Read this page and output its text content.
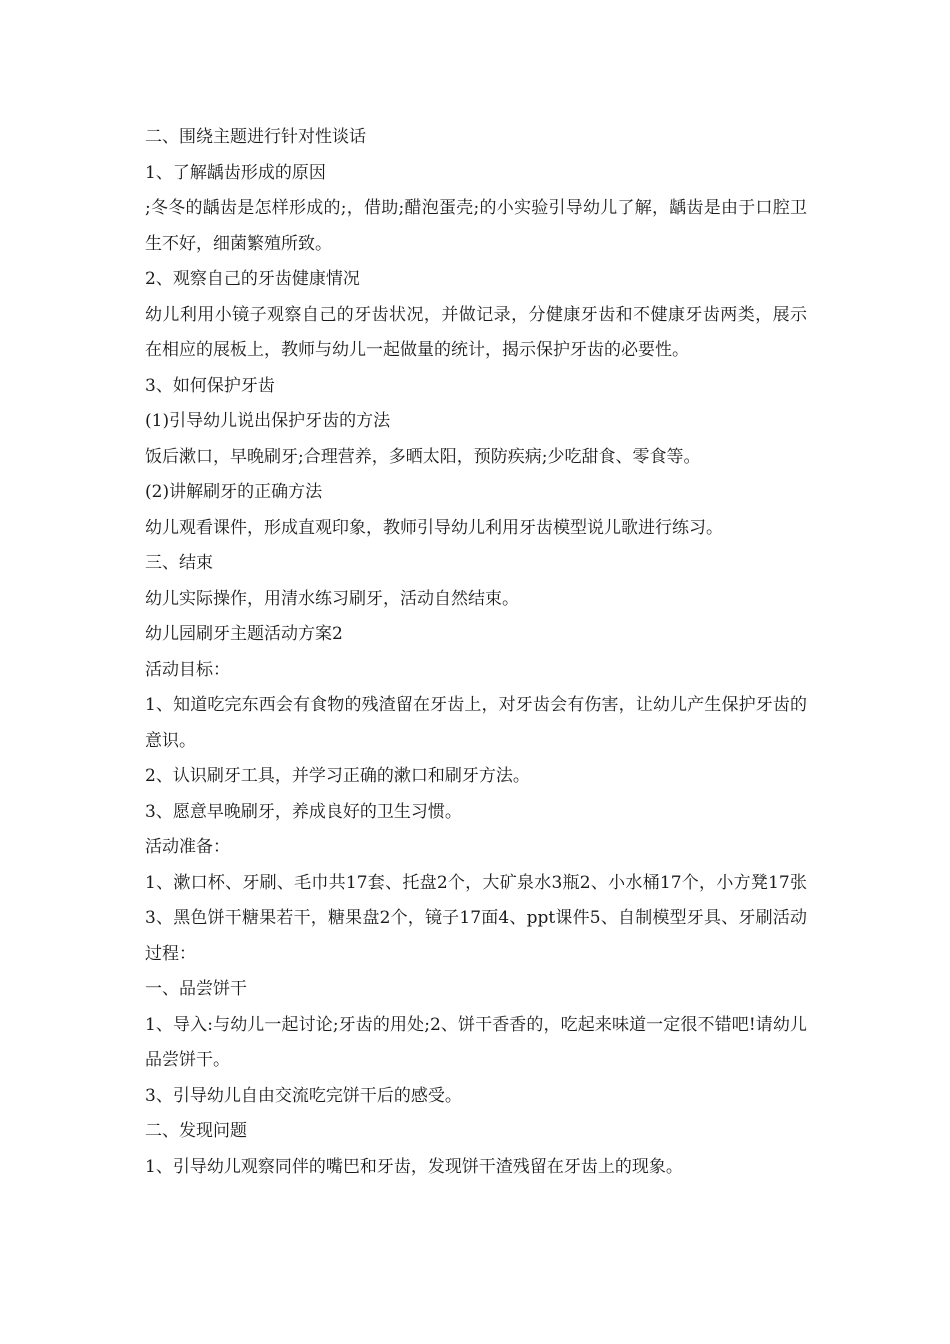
二、围绕主题进行针对性谈话

1、了解龋齿形成的原因

;冬冬的龋齿是怎样形成的;，借助;醋泡蛋壳;的小实验引导幼儿了解，龋齿是由于口腔卫生不好，细菌繁殖所致。

2、观察自己的牙齿健康情况

幼儿利用小镜子观察自己的牙齿状况，并做记录，分健康牙齿和不健康牙齿两类，展示在相应的展板上，教师与幼儿一起做量的统计，揭示保护牙齿的必要性。

3、如何保护牙齿

(1)引导幼儿说出保护牙齿的方法

饭后漱口，早晚刷牙;合理营养，多晒太阳，预防疾病;少吃甜食、零食等。

(2)讲解刷牙的正确方法

幼儿观看课件，形成直观印象，教师引导幼儿利用牙齿模型说儿歌进行练习。

三、结束

幼儿实际操作，用清水练习刷牙，活动自然结束。

幼儿园刷牙主题活动方案2

活动目标：

1、知道吃完东西会有食物的残渣留在牙齿上，对牙齿会有伤害，让幼儿产生保护牙齿的意识。

2、认识刷牙工具，并学习正确的漱口和刷牙方法。

3、愿意早晚刷牙，养成良好的卫生习惯。

活动准备：

1、漱口杯、牙刷、毛巾共17套、托盘2个，大矿泉水3瓶2、小水桶17个，小方凳17张3、黑色饼干糖果若干，糖果盘2个，镜子17面4、ppt课件5、自制模型牙具、牙刷活动过程：

一、品尝饼干

1、导入:与幼儿一起讨论;牙齿的用处;2、饼干香香的，吃起来味道一定很不错吧!请幼儿品尝饼干。

3、引导幼儿自由交流吃完饼干后的感受。

二、发现问题

1、引导幼儿观察同伴的嘴巴和牙齿，发现饼干渣残留在牙齿上的现象。
